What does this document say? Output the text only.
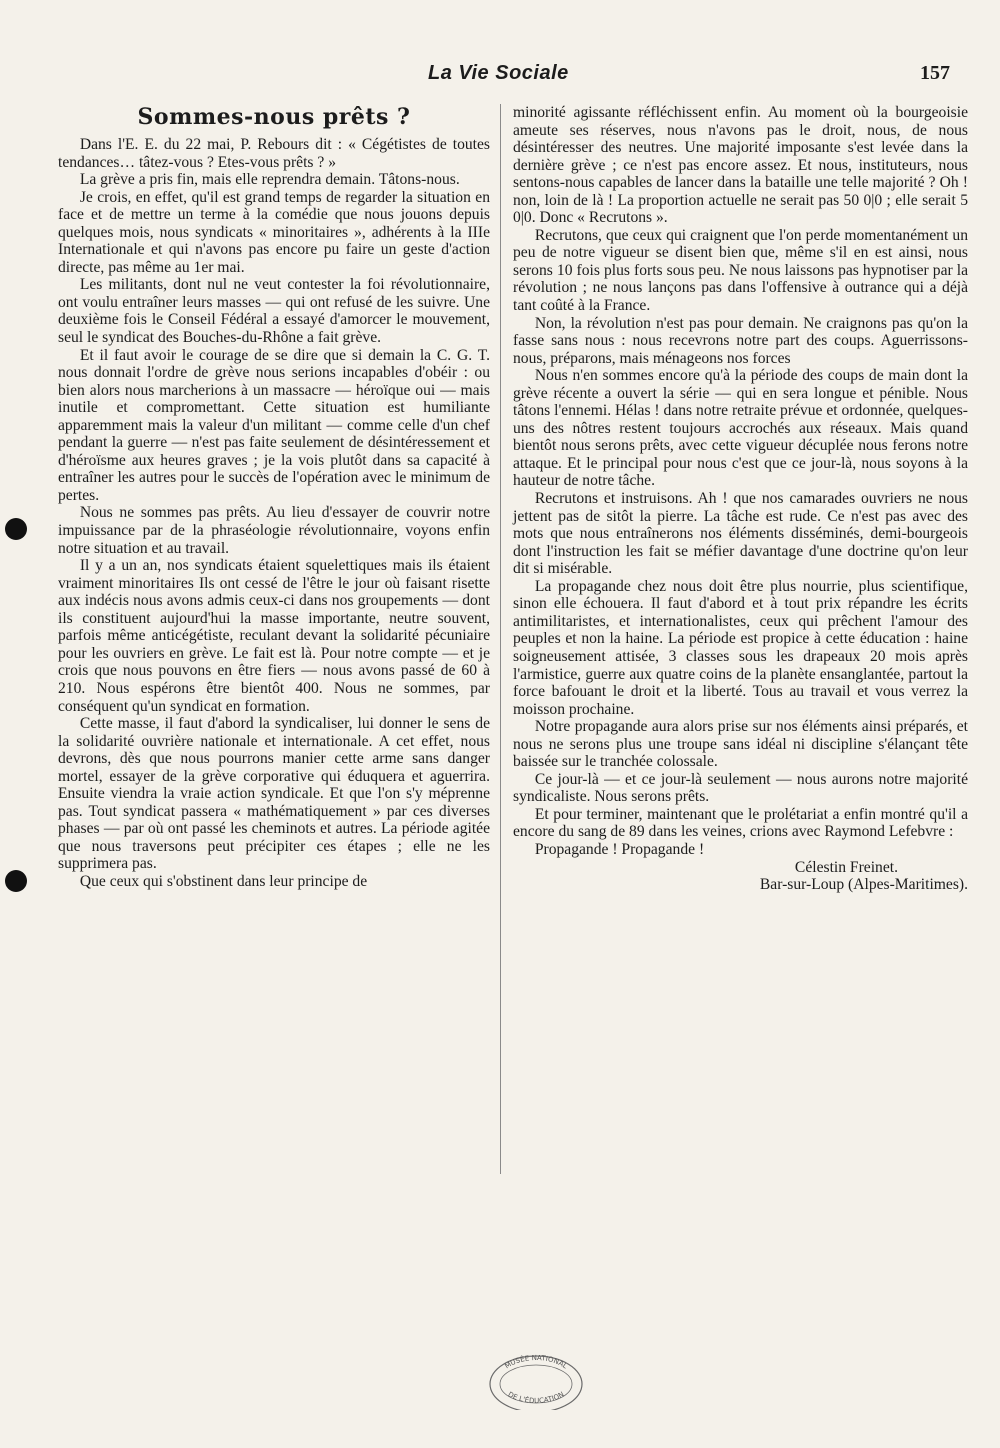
La Vie Sociale	157
Sommes-nous prêts ?

Dans l'E. E. du 22 mai, P. Rebours dit : « Cégétistes de toutes tendances… tâtez-vous ? Etes-vous prêts ? »

La grève a pris fin, mais elle reprendra demain. Tâtons-nous.

Je crois, en effet, qu'il est grand temps de regarder la situation en face et de mettre un terme à la comédie que nous jouons depuis quelques mois, nous syndicats « minoritaires », adhérents à la IIIe Internationale et qui n'avons pas encore pu faire un geste d'action directe, pas même au 1er mai.

Les militants, dont nul ne veut contester la foi révolutionnaire, ont voulu entraîner leurs masses — qui ont refusé de les suivre. Une deuxième fois le Conseil Fédéral a essayé d'amorcer le mouvement, seul le syndicat des Bouches-du-Rhône a fait grève.

Et il faut avoir le courage de se dire que si demain la C. G. T. nous donnait l'ordre de grève nous serions incapables d'obéir : ou bien alors nous marcherions à un massacre — héroïque oui — mais inutile et compromettant. Cette situation est humiliante apparemment mais la valeur d'un militant — comme celle d'un chef pendant la guerre — n'est pas faite seulement de désintéressement et d'héroïsme aux heures graves ; je la vois plutôt dans sa capacité à entraîner les autres pour le succès de l'opération avec le minimum de pertes.

Nous ne sommes pas prêts. Au lieu d'essayer de couvrir notre impuissance par de la phraséologie révolutionnaire, voyons enfin notre situation et au travail.

Il y a un an, nos syndicats étaient squelettiques mais ils étaient vraiment minoritaires Ils ont cessé de l'être le jour où faisant risette aux indécis nous avons admis ceux-ci dans nos groupements — dont ils constituent aujourd'hui la masse importante, neutre souvent, parfois même anticégétiste, reculant devant la solidarité pécuniaire pour les ouvriers en grève. Le fait est là. Pour notre compte — et je crois que nous pouvons en être fiers — nous avons passé de 60 à 210. Nous espérons être bientôt 400. Nous ne sommes, par conséquent qu'un syndicat en formation.

Cette masse, il faut d'abord la syndicaliser, lui donner le sens de la solidarité ouvrière nationale et internationale. A cet effet, nous devrons, dès que nous pourrons manier cette arme sans danger mortel, essayer de la grève corporative qui éduquera et aguerrira. Ensuite viendra la vraie action syndicale. Et que l'on s'y méprenne pas. Tout syndicat passera « mathématiquement » par ces diverses phases — par où ont passé les cheminots et autres. La période agitée que nous traversons peut précipiter ces étapes ; elle ne les supprimera pas.

Que ceux qui s'obstinent dans leur principe de

minorité agissante réfléchissent enfin. Au moment où la bourgeoisie ameute ses réserves, nous n'avons pas le droit, nous, de nous désintéresser des neutres. Une majorité imposante s'est levée dans la dernière grève ; ce n'est pas encore assez. Et nous, instituteurs, nous sentons-nous capables de lancer dans la bataille une telle majorité ? Oh ! non, loin de là ! La proportion actuelle ne serait pas 50 0|0 ; elle serait 5 0|0. Donc « Recrutons ».

Recrutons, que ceux qui craignent que l'on perde momentanément un peu de notre vigueur se disent bien que, même s'il en est ainsi, nous serons 10 fois plus forts sous peu. Ne nous laissons pas hypnotiser par la révolution ; ne nous lançons pas dans l'offensive à outrance qui a déjà tant coûté à la France.

Non, la révolution n'est pas pour demain. Ne craignons pas qu'on la fasse sans nous : nous recevrons notre part des coups. Aguerrissons-nous, préparons, mais ménageons nos forces

Nous n'en sommes encore qu'à la période des coups de main dont la grève récente a ouvert la série — qui en sera longue et pénible. Nous tâtons l'ennemi. Hélas ! dans notre retraite prévue et ordonnée, quelques-uns des nôtres restent toujours accrochés aux réseaux. Mais quand bientôt nous serons prêts, avec cette vigueur décuplée nous ferons notre attaque. Et le principal pour nous c'est que ce jour-là, nous soyons à la hauteur de notre tâche.

Recrutons et instruisons. Ah ! que nos camarades ouvriers ne nous jettent pas de sitôt la pierre. La tâche est rude. Ce n'est pas avec des mots que nous entraînerons nos éléments disséminés, demi-bourgeois dont l'instruction les fait se méfier davantage d'une doctrine qu'on leur dit si misérable.

La propagande chez nous doit être plus nourrie, plus scientifique, sinon elle échouera. Il faut d'abord et à tout prix répandre les écrits antimilitaristes, et internationalistes, ceux qui prêchent l'amour des peuples et non la haine. La période est propice à cette éducation : haine soigneusement attisée, 3 classes sous les drapeaux 20 mois après l'armistice, guerre aux quatre coins de la planète ensanglantée, partout la force bafouant le droit et la liberté. Tous au travail et vous verrez la moisson prochaine.

Notre propagande aura alors prise sur nos éléments ainsi préparés, et nous ne serons plus une troupe sans idéal ni discipline s'élançant tête baissée sur le tranchée colossale.

Ce jour-là — et ce jour-là seulement — nous aurons notre majorité syndicaliste. Nous serons prêts.

Et pour terminer, maintenant que le prolétariat a enfin montré qu'il a encore du sang de 89 dans les veines, crions avec Raymond Lefebvre :

Propagande ! Propagande !

Célestin Freinet.
Bar-sur-Loup (Alpes-Maritimes).
MUSÉE NATIONAL
DE L'ÉDUCATION
